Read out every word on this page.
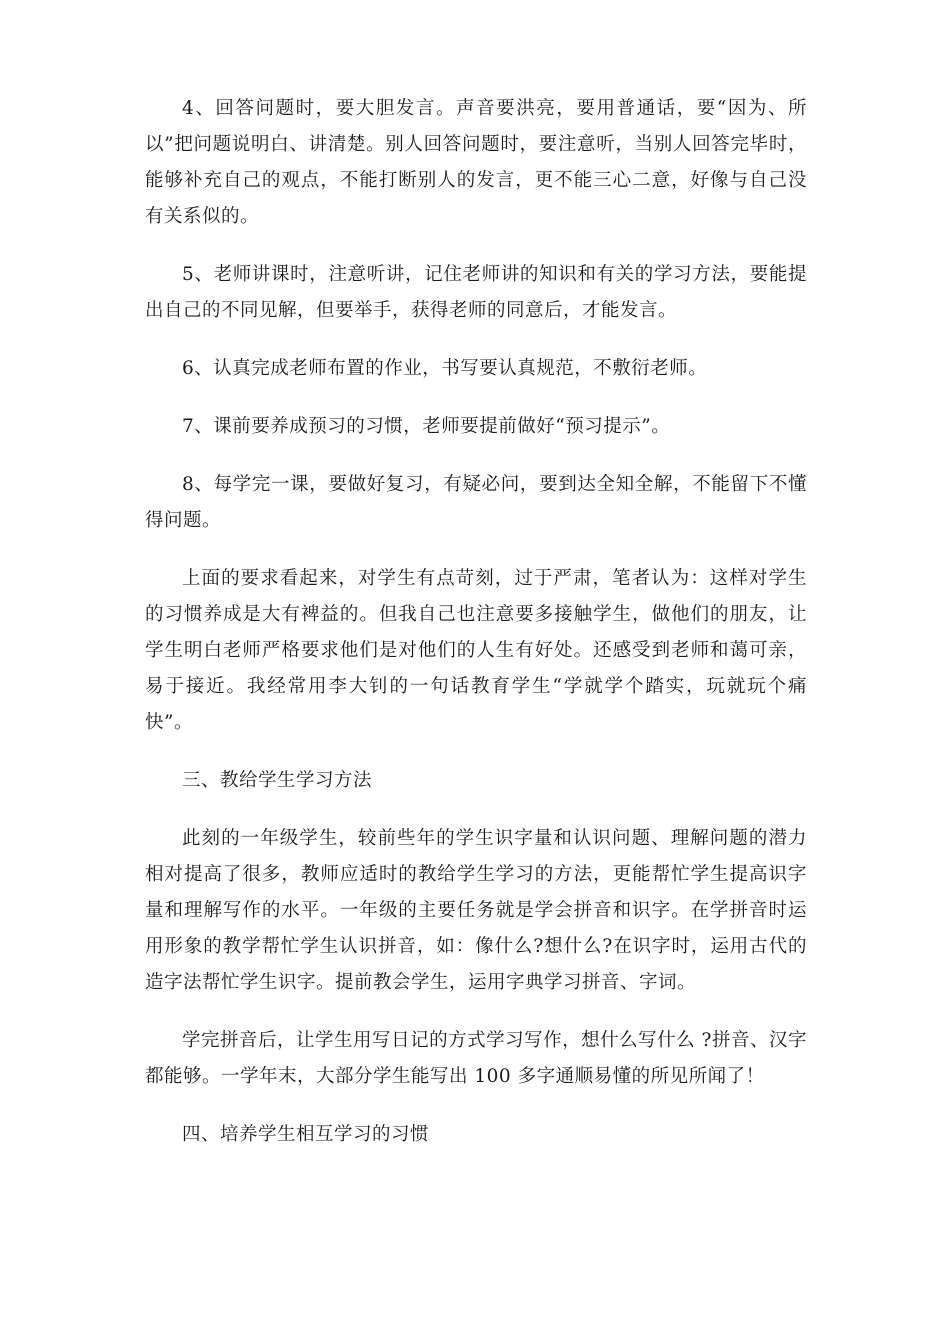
4、回答问题时，要大胆发言。声音要洪亮，要用普通话，要“因为、所以”把问题说明白、讲清楚。别人回答问题时，要注意听，当别人回答完毕时，能够补充自己的观点，不能打断别人的发言，更不能三心二意，好像与自己没有关系似的。

5、老师讲课时，注意听讲，记住老师讲的知识和有关的学习方法，要能提出自己的不同见解，但要举手，获得老师的同意后，才能发言。

6、认真完成老师布置的作业，书写要认真规范，不敷衍老师。

7、课前要养成预习的习惯，老师要提前做好“预习提示”。

8、每学完一课，要做好复习，有疑必问，要到达全知全解，不能留下不懂得问题。

上面的要求看起来，对学生有点苛刻，过于严肃，笔者认为：这样对学生的习惯养成是大有裨益的。但我自己也注意要多接触学生，做他们的朋友，让学生明白老师严格要求他们是对他们的人生有好处。还感受到老师和蔼可亲，易于接近。我经常用李大钊的一句话教育学生“学就学个踏实，玩就玩个痛快”。

三、教给学生学习方法

此刻的一年级学生，较前些年的学生识字量和认识问题、理解问题的潜力相对提高了很多，教师应适时的教给学生学习的方法，更能帮忙学生提高识字量和理解写作的水平。一年级的主要任务就是学会拼音和识字。在学拼音时运用形象的教学帮忙学生认识拼音，如：像什么?想什么?在识字时，运用古代的造字法帮忙学生识字。提前教会学生，运用字典学习拼音、字词。

学完拼音后，让学生用写日记的方式学习写作，想什么写什么 ?拼音、汉字都能够。一学年末，大部分学生能写出 100 多字通顺易懂的所见所闻了！

四、培养学生相互学习的习惯
